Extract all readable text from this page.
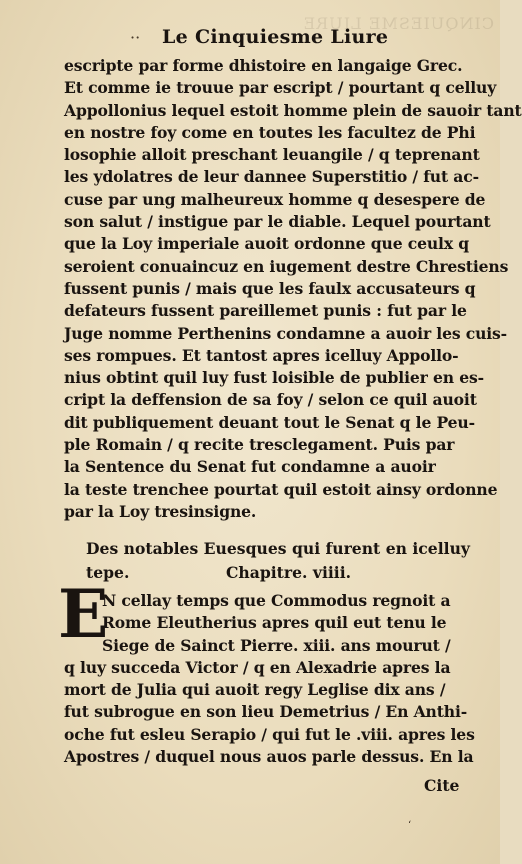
CINQUIESME LIURE
·· Le Cinquiesme Liure
escripte par forme dhistoire en langaige Grec.
Et comme ie trouue par escript / pourtant q celluy
Appollonius lequel estoit homme plein de sauoir tant
en nostre foy come en toutes les facultez de Phi
losophie alloit preschant leuangile / q teprenant
les ydolatres de leur dannee Superstitio / fut ac-
cuse par ung malheureux homme q desespere de
son salut / instigue par le diable. Lequel pourtant
que la Loy imperiale auoit ordonne que ceulx q
seroient conuaincuz en iugement destre Chrestiens
fussent punis / mais que les faulx accusateurs q
defateurs fussent pareillemet punis : fut par le
Juge nomme Perthenins condamne a auoir les cuis-
ses rompues. Et tantost apres icelluy Appollo-
nius obtint quil luy fust loisible de publier en es-
cript la deffension de sa foy / selon ce quil auoit
dit publiquement deuant tout le Senat q le Peu-
ple Romain / q recite tresclegament. Puis par
la Sentence du Senat fut condamne a auoir
la teste trenchee pourtat quil estoit ainsy ordonne
par la Loy tresinsigne.
Des notables Euesques qui furent en icelluy
tepe.	Chapitre. viiii.
E
N cellay temps que Commodus regnoit a
Rome Eleutherius apres quil eut tenu le
Siege de Sainct Pierre. xiii. ans mourut /
q luy succeda Victor / q en Alexadrie apres la
mort de Julia qui auoit regy Leglise dix ans /
fut subrogue en son lieu Demetrius / En Anthi-
oche fut esleu Serapio / qui fut le .viii. apres les
Apostres / duquel nous auos parle dessus. En la
Cite
‘
